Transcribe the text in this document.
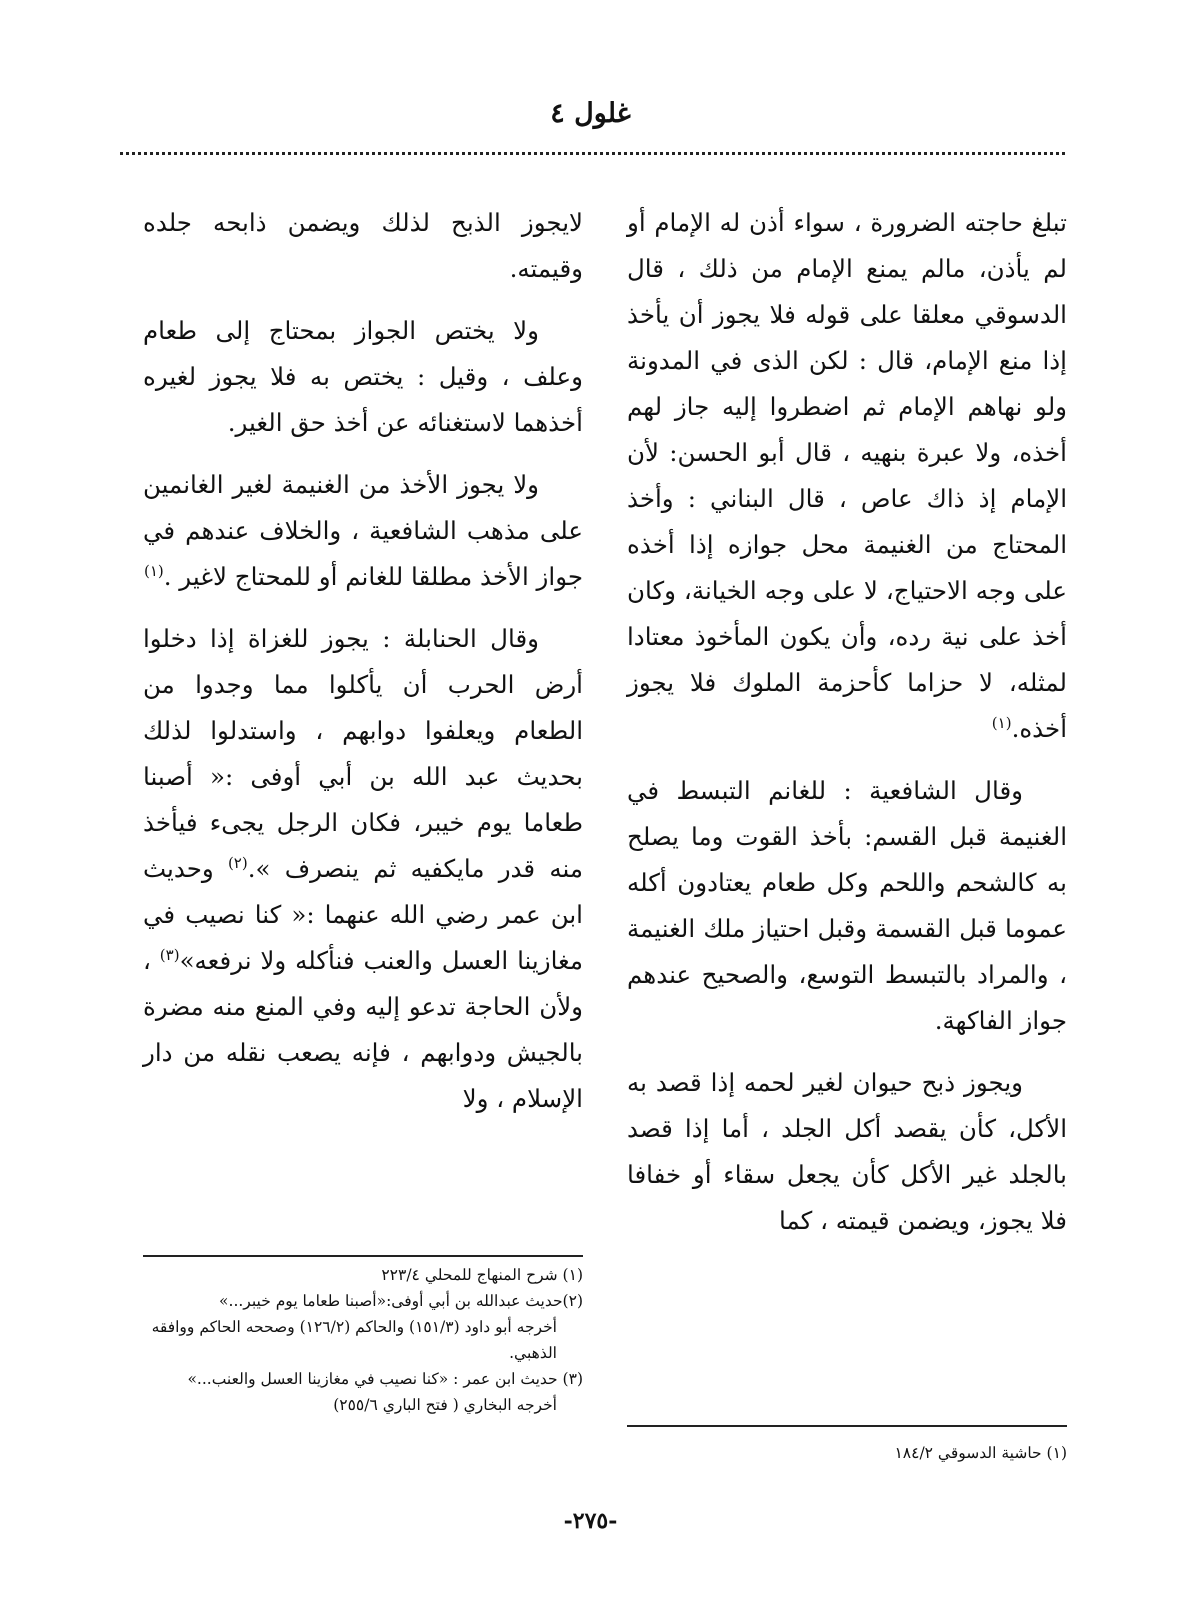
غلول ٤

تبلغ حاجته الضرورة ، سواء أذن له الإمام أو لم يأذن، مالم يمنع الإمام من ذلك ، قال الدسوقي معلقا على قوله فلا يجوز أن يأخذ إذا منع الإمام، قال : لكن الذى في المدونة ولو نهاهم الإمام ثم اضطروا إليه جاز لهم أخذه، ولا عبرة بنهيه ، قال أبو الحسن: لأن الإمام إذ ذاك عاص ، قال البناني : وأخذ المحتاج من الغنيمة محل جوازه إذا أخذه على وجه الاحتياج، لا على وجه الخيانة، وكان أخذ على نية رده، وأن يكون المأخوذ معتادا لمثله، لا حزاما كأحزمة الملوك فلا يجوز أخذه.$^{(١)}$

وقال الشافعية : للغانم التبسط في الغنيمة قبل القسم: بأخذ القوت وما يصلح به كالشحم واللحم وكل طعام يعتادون أكله عموما قبل القسمة وقبل احتياز ملك الغنيمة ، والمراد بالتبسط التوسع، والصحيح عندهم جواز الفاكهة.

ويجوز ذبح حيوان لغير لحمه إذا قصد به الأكل، كأن يقصد أكل الجلد ، أما إذا قصد بالجلد غير الأكل كأن يجعل سقاء أو خفافا فلا يجوز، ويضمن قيمته ، كما

لايجوز الذبح لذلك ويضمن ذابحه جلده وقيمته.

ولا يختص الجواز بمحتاج إلى طعام وعلف ، وقيل : يختص به فلا يجوز لغيره أخذهما لاستغنائه عن أخذ حق الغير.

ولا يجوز الأخذ من الغنيمة لغير الغانمين على مذهب الشافعية ، والخلاف عندهم في جواز الأخذ مطلقا للغانم أو للمحتاج لاغير .$^{(١)}$

وقال الحنابلة : يجوز للغزاة إذا دخلوا أرض الحرب أن يأكلوا مما وجدوا من الطعام ويعلفوا دوابهم ، واستدلوا لذلك بحديث عبد الله بن أبي أوفى :« أصبنا طعاما يوم خيبر، فكان الرجل يجىء فيأخذ منه قدر مايكفيه ثم ينصرف ».$^{(٢)}$ وحديث ابن عمر رضي الله عنهما :« كنا نصيب في مغازينا العسل والعنب فنأكله ولا نرفعه»$^{(٣)}$ ، ولأن الحاجة تدعو إليه وفي المنع منه مضرة بالجيش ودوابهم ، فإنه يصعب نقله من دار الإسلام ، ولا

(١) شرح المنهاج للمحلي ٢٢٣/٤

(٢)حديث عبدالله بن أبي أوفى:«أصبنا طعاما يوم خيبر...»

أخرجه أبو داود (١٥١/٣) والحاكم (١٢٦/٢) وصححه الحاكم ووافقه الذهبي.

(٣) حديث ابن عمر : «كنا نصيب في مغازينا العسل والعنب...»

أخرجه البخاري ( فتح الباري ٢٥٥/٦)

(١) حاشية الدسوقي ١٨٤/٢

-٢٧٥-
